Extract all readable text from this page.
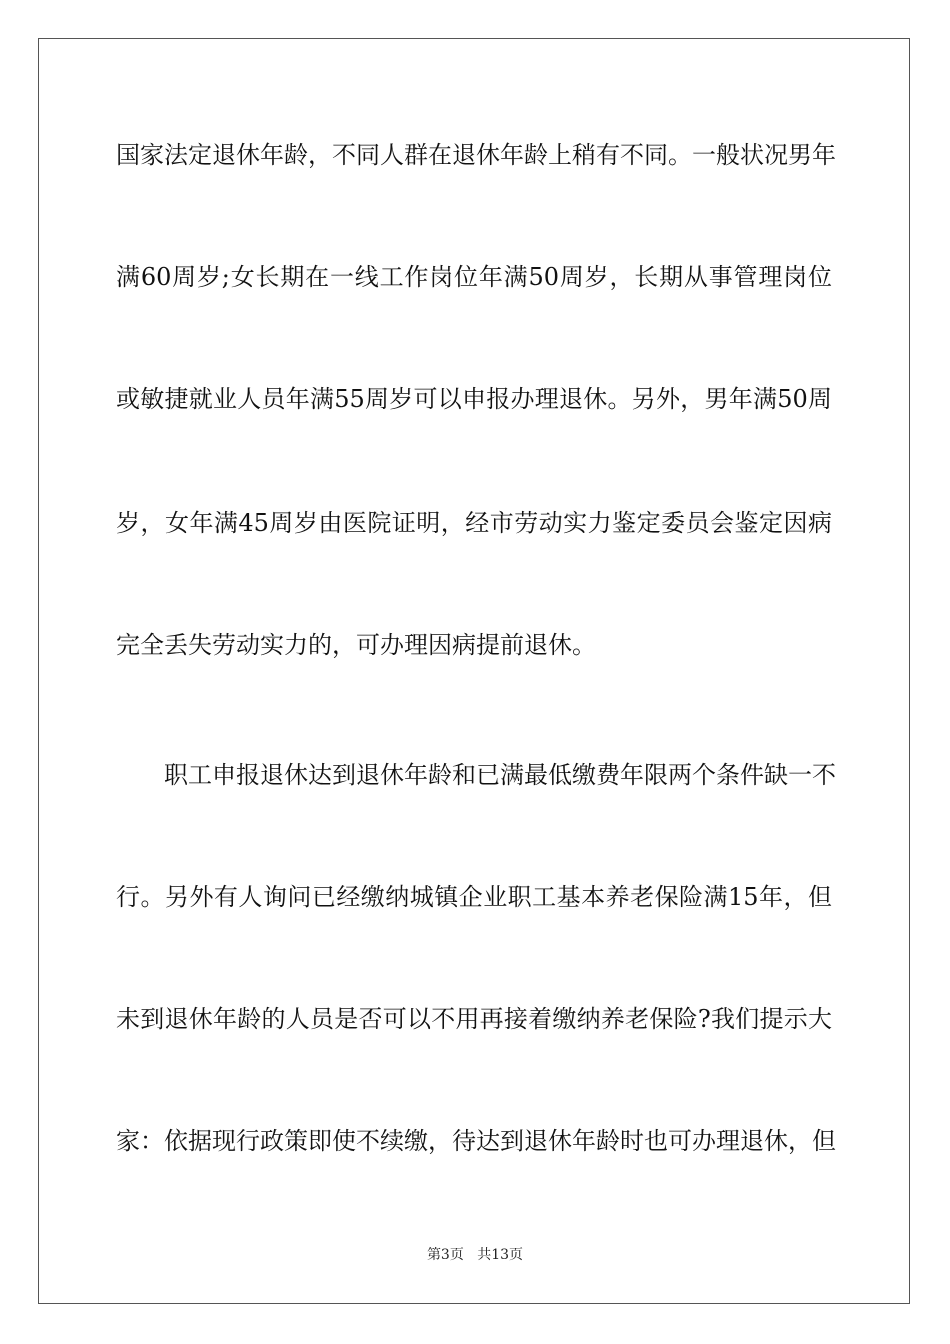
国家法定退休年龄，不同人群在退休年龄上稍有不同。一般状况男年
满60周岁;女长期在一线工作岗位年满50周岁，长期从事管理岗位
或敏捷就业人员年满55周岁可以申报办理退休。另外，男年满50周
岁，女年满45周岁由医院证明，经市劳动实力鉴定委员会鉴定因病
完全丢失劳动实力的，可办理因病提前退休。
职工申报退休达到退休年龄和已满最低缴费年限两个条件缺一不
行。另外有人询问已经缴纳城镇企业职工基本养老保险满15年，但
未到退休年龄的人员是否可以不用再接着缴纳养老保险?我们提示大
家：依据现行政策即使不续缴，待达到退休年龄时也可办理退休，但
第3页 共13页
